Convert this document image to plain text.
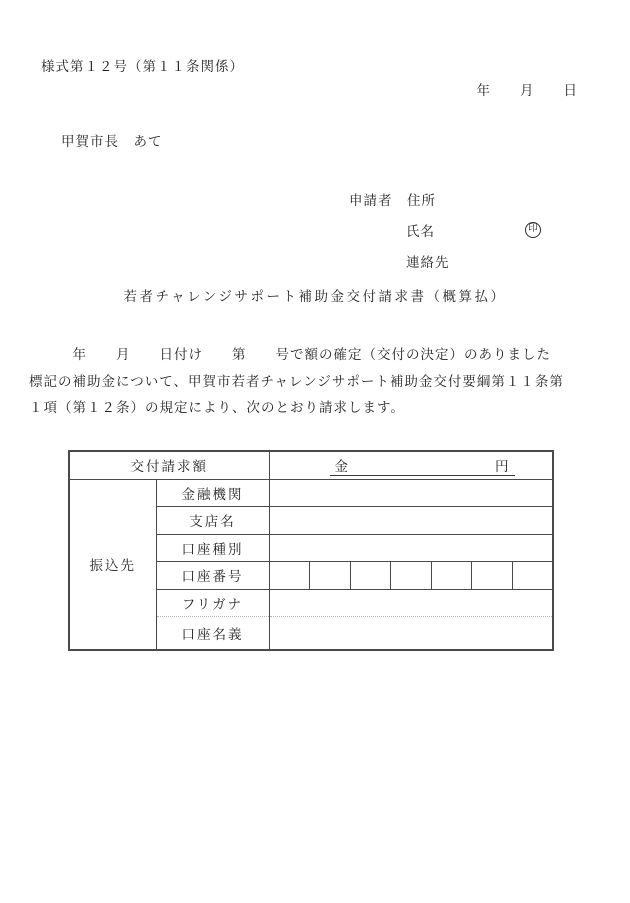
様式第１２号（第１１条関係）
年　　月　　日
甲賀市長　あて
申請者　住所
氏名
連絡先
印
若者チャレンジサポート補助金交付請求書（概算払）
　　　年　　月　　日付け　　第　　号で額の確定（交付の決定）のありました
標記の補助金について、甲賀市若者チャレンジサポート補助金交付要綱第１１条第
１項（第１２条）の規定により、次のとおり請求します。
交付請求額		金 円

振込先	金融機関	
	支店名	
	口座種別	
	口座番号	

	フリガナ	
	口座名義	
